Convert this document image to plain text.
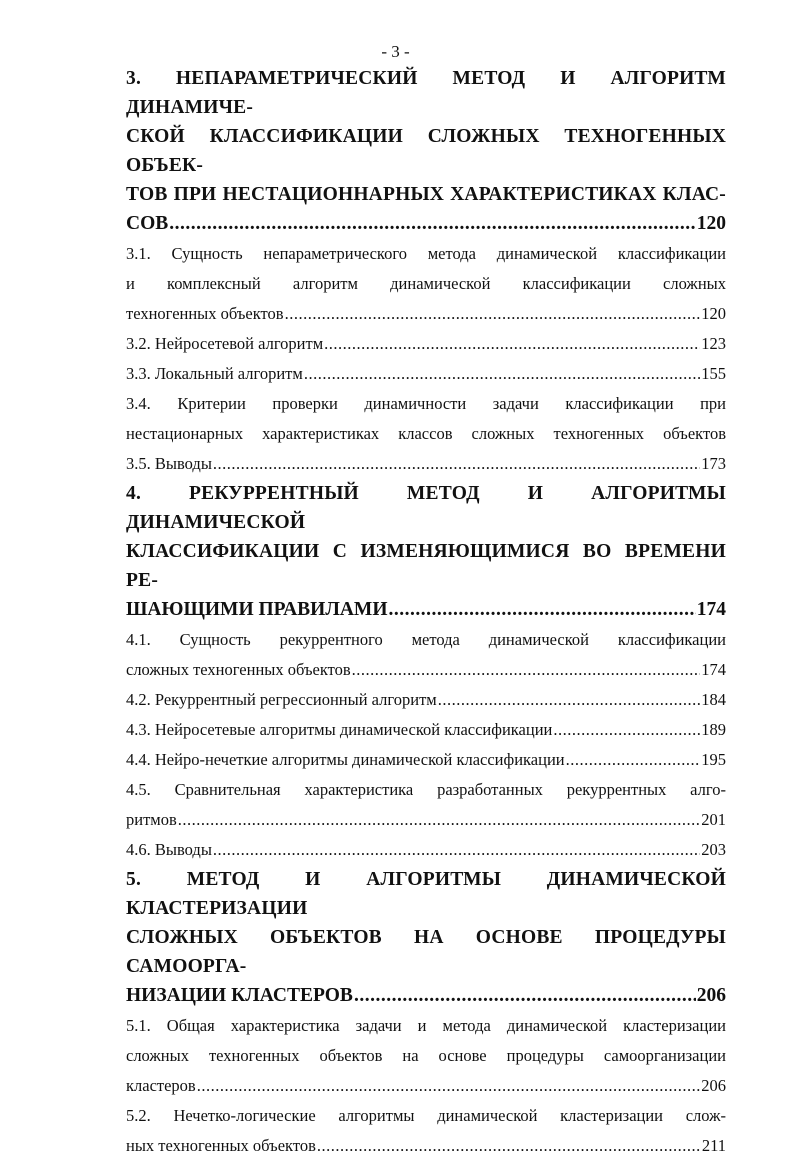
- 3 -
3. НЕПАРАМЕТРИЧЕСКИЙ МЕТОД И АЛГОРИТМ ДИНАМИЧЕ-
СКОЙ КЛАССИФИКАЦИИ СЛОЖНЫХ ТЕХНОГЕННЫХ ОБЪЕК-
ТОВ ПРИ НЕСТАЦИОННАРНЫХ ХАРАКТЕРИСТИКАХ КЛАС-
СОВ .....	120
3.1. Сущность непараметрического метода динамической классификации
и комплексный алгоритм динамической классификации сложных
техногенных объектов .....	120
3.2. Нейросетевой алгоритм .....	123
3.3. Локальный алгоритм .....	155
3.4. Критерии проверки динамичности задачи классификации при
нестационарных характеристиках классов сложных техногенных объектов
3.5. Выводы .....	173
4. РЕКУРРЕНТНЫЙ МЕТОД И АЛГОРИТМЫ ДИНАМИЧЕСКОЙ
КЛАССИФИКАЦИИ С ИЗМЕНЯЮЩИМИСЯ ВО ВРЕМЕНИ РЕ-
ШАЮЩИМИ ПРАВИЛАМИ .....	174
4.1. Сущность рекуррентного метода динамической классификации
сложных техногенных объектов .....	174
4.2. Рекуррентный регрессионный алгоритм .....	184
4.3. Нейросетевые алгоритмы динамической классификации .....	189
4.4. Нейро-нечеткие алгоритмы динамической классификации .....	195
4.5. Сравнительная характеристика разработанных рекуррентных алго-
ритмов .....	201
4.6. Выводы .....	203
5. МЕТОД И АЛГОРИТМЫ ДИНАМИЧЕСКОЙ КЛАСТЕРИЗАЦИИ
СЛОЖНЫХ ОБЪЕКТОВ НА ОСНОВЕ ПРОЦЕДУРЫ САМООРГА-
НИЗАЦИИ КЛАСТЕРОВ .....	206
5.1. Общая характеристика задачи и метода динамической кластеризации
сложных техногенных объектов на основе процедуры самоорганизации
кластеров .....	206
5.2. Нечетко-логические алгоритмы динамической кластеризации слож-
ных техногенных объектов .....	211
